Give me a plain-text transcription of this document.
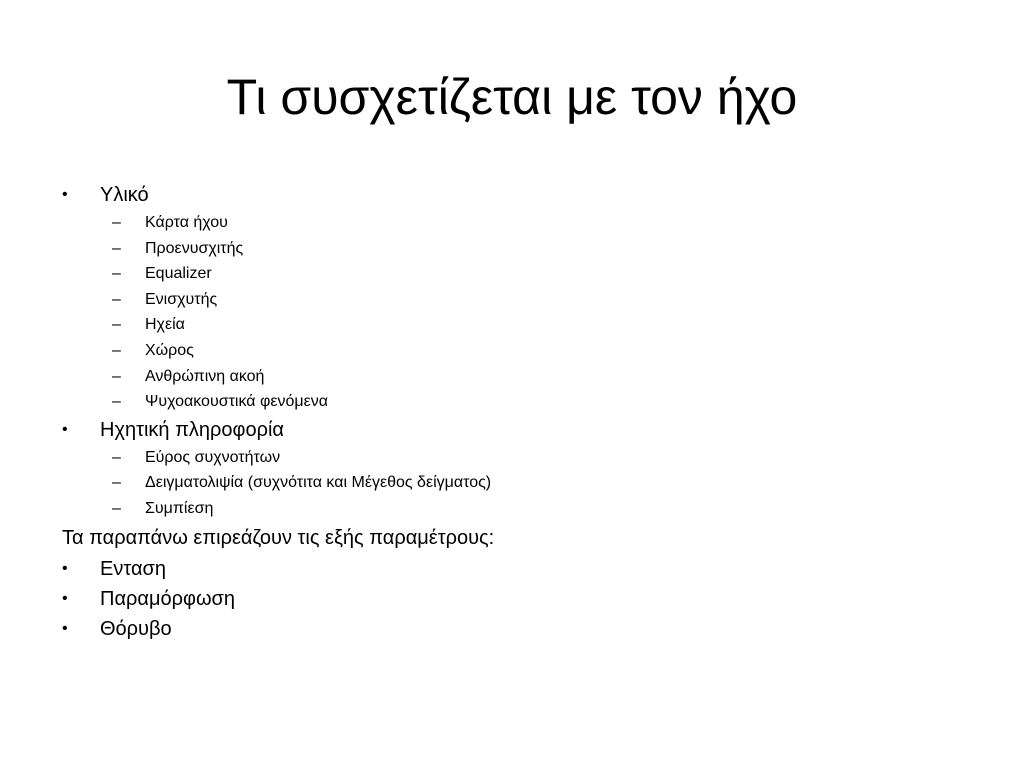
Τι συσχετίζεται με τον ήχο
•	Υλικό
–	Κάρτα ήχου
–	Προενυσχιτής
–	Equalizer
–	Ενισχυτής
–	Ηχεία
–	Χώρος
–	Ανθρώπινη ακοή
–	Ψυχοακουστικά φενόμενα
•	Ηχητική πληροφορία
–	Εύρος συχνοτήτων
–	Δειγματολιψία (συχνότιτα και Μέγεθος δείγματος)
–	Συμπίεση
Τα παραπάνω επιρεάζουν τις εξής παραμέτρους:
•	Ενταση
•	Παραμόρφωση
•	Θόρυβο
